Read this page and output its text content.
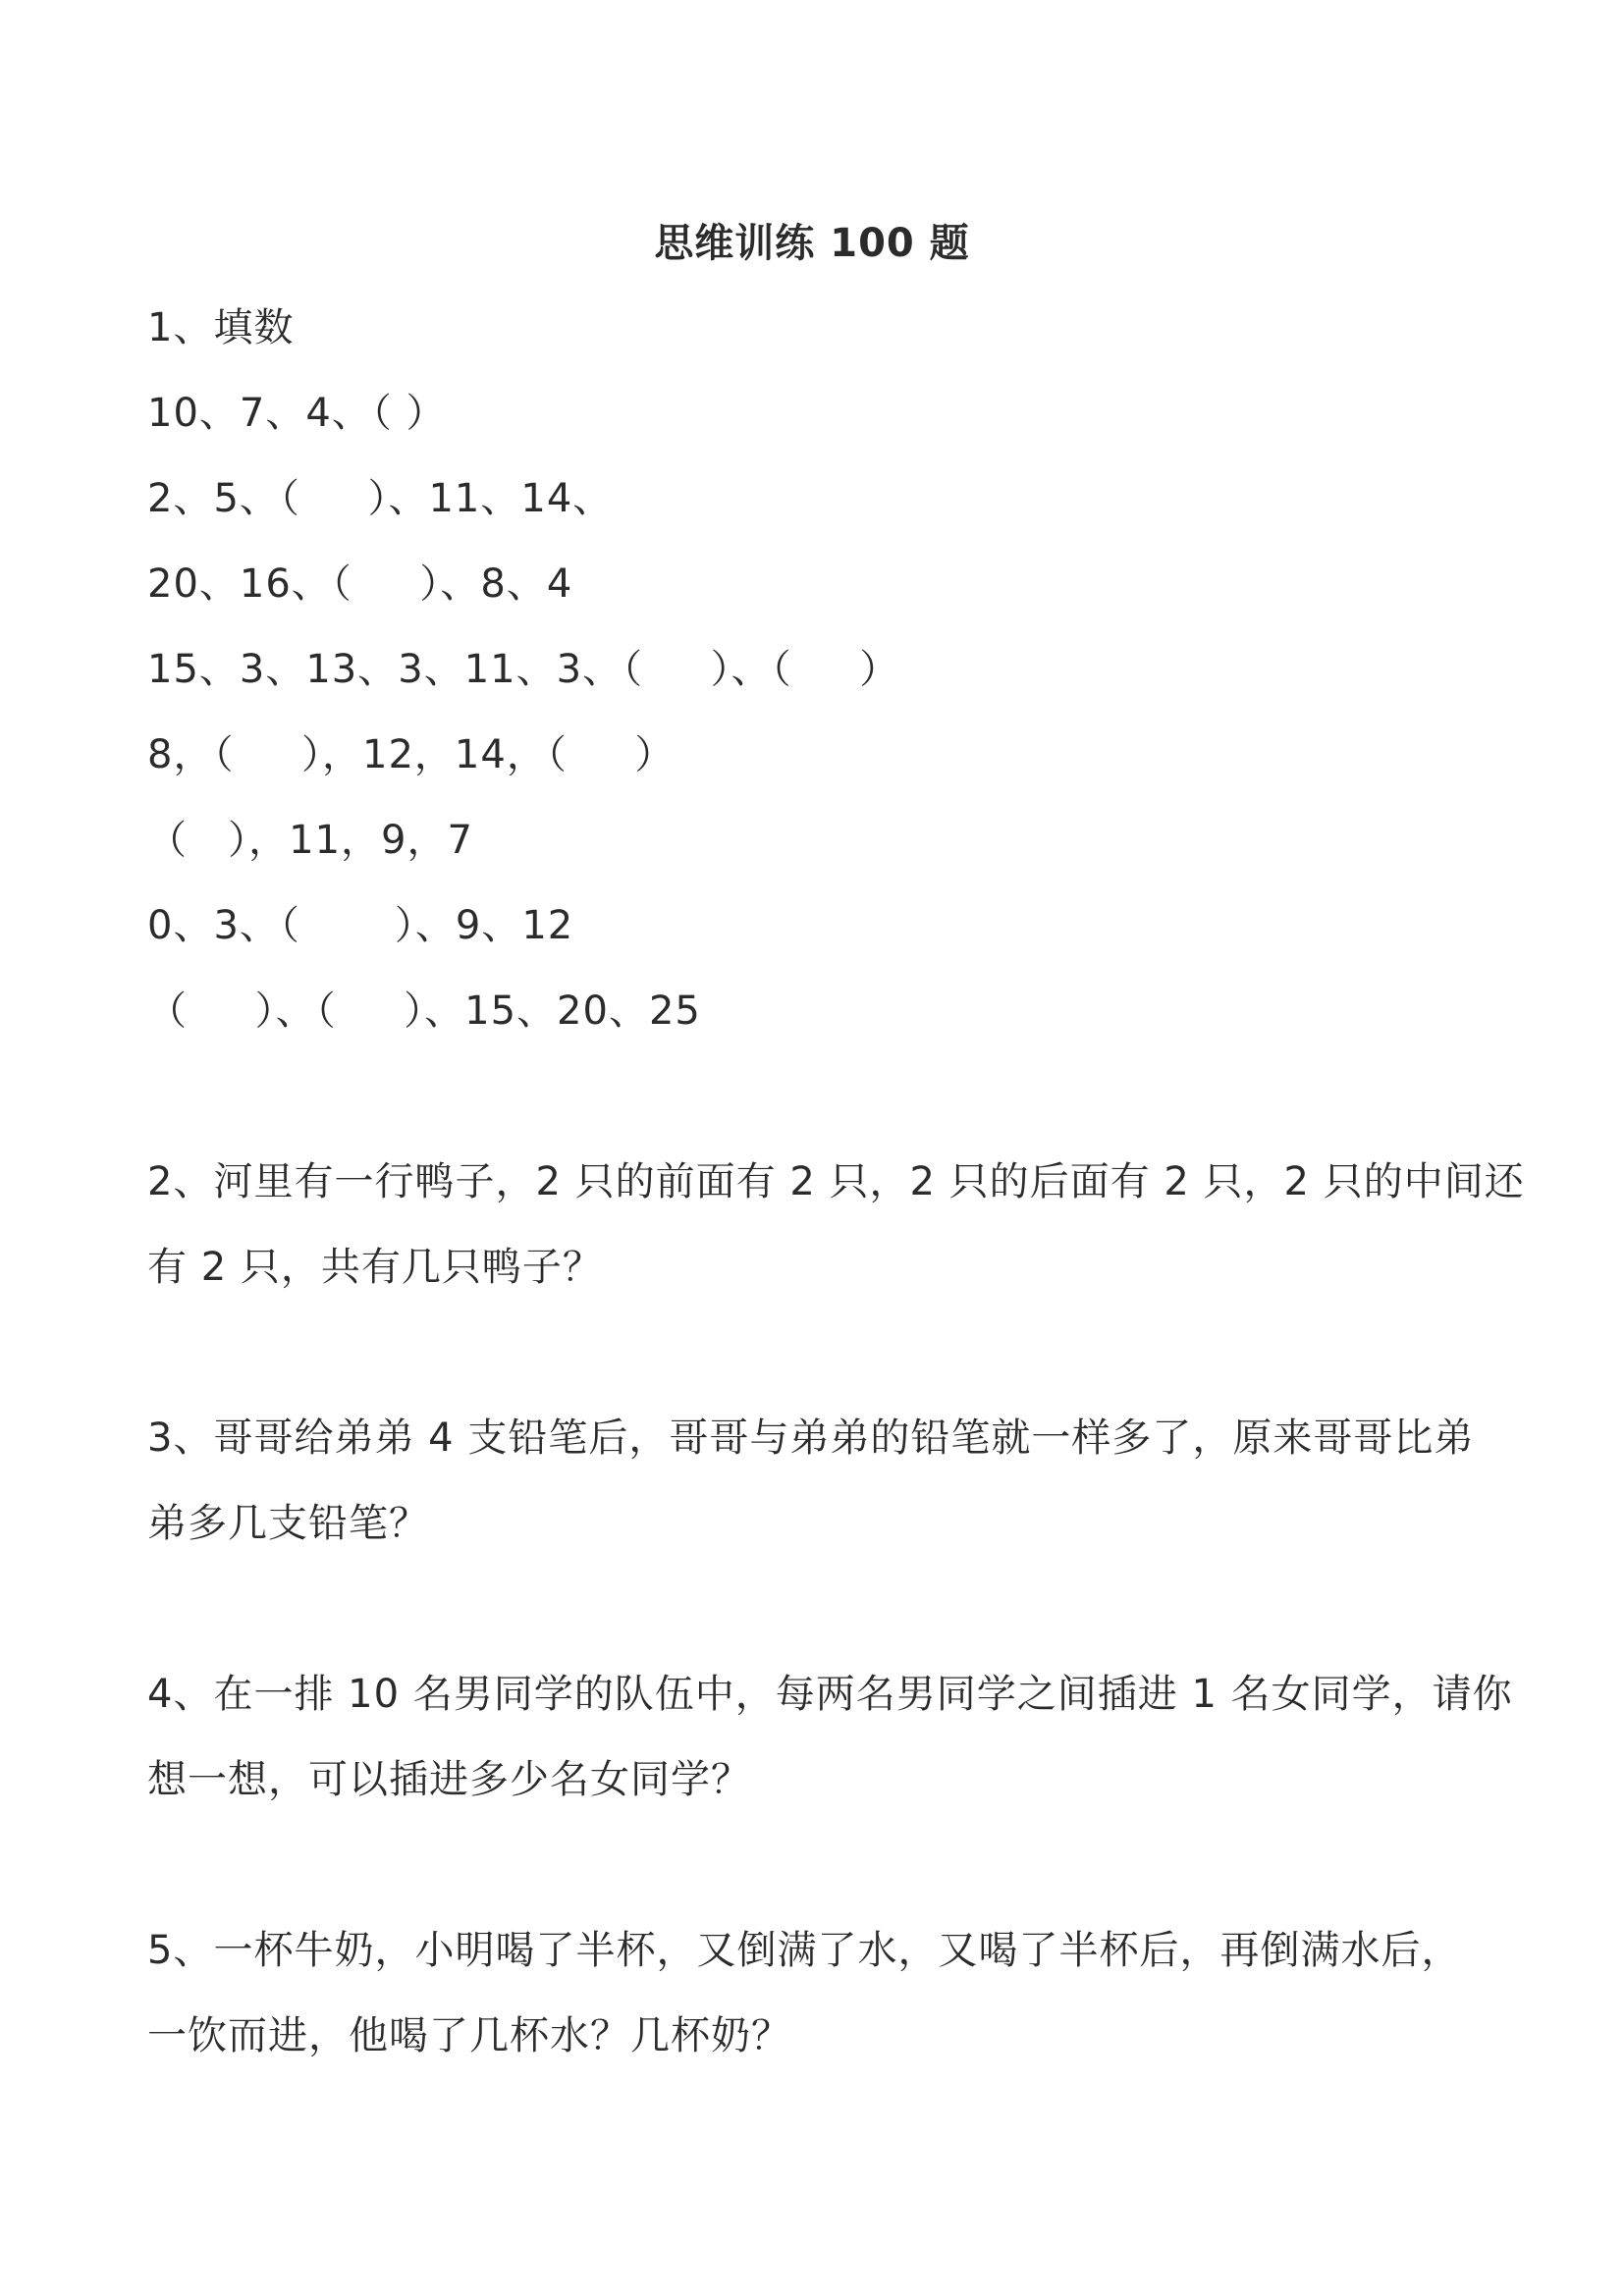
思维训练 100 题
1、填数
10、7、4、（ ）
2、5、（     ）、11、14、
20、16、（     ）、8、4
15、3、13、3、11、3、（     ）、（     ）
8，（     ），12，14，（     ）
（   ），11，9，7
0、3、（       ）、9、12
（     ）、（     ）、15、20、25
2、河里有一行鸭子，2 只的前面有 2 只，2 只的后面有 2 只，2 只的中间还
有 2 只，共有几只鸭子？
3、哥哥给弟弟 4 支铅笔后，哥哥与弟弟的铅笔就一样多了，原来哥哥比弟
弟多几支铅笔？
4、在一排 10 名男同学的队伍中，每两名男同学之间插进 1 名女同学，请你
想一想，可以插进多少名女同学？
5、一杯牛奶，小明喝了半杯，又倒满了水，又喝了半杯后，再倒满水后，
一饮而进，他喝了几杯水？几杯奶？
